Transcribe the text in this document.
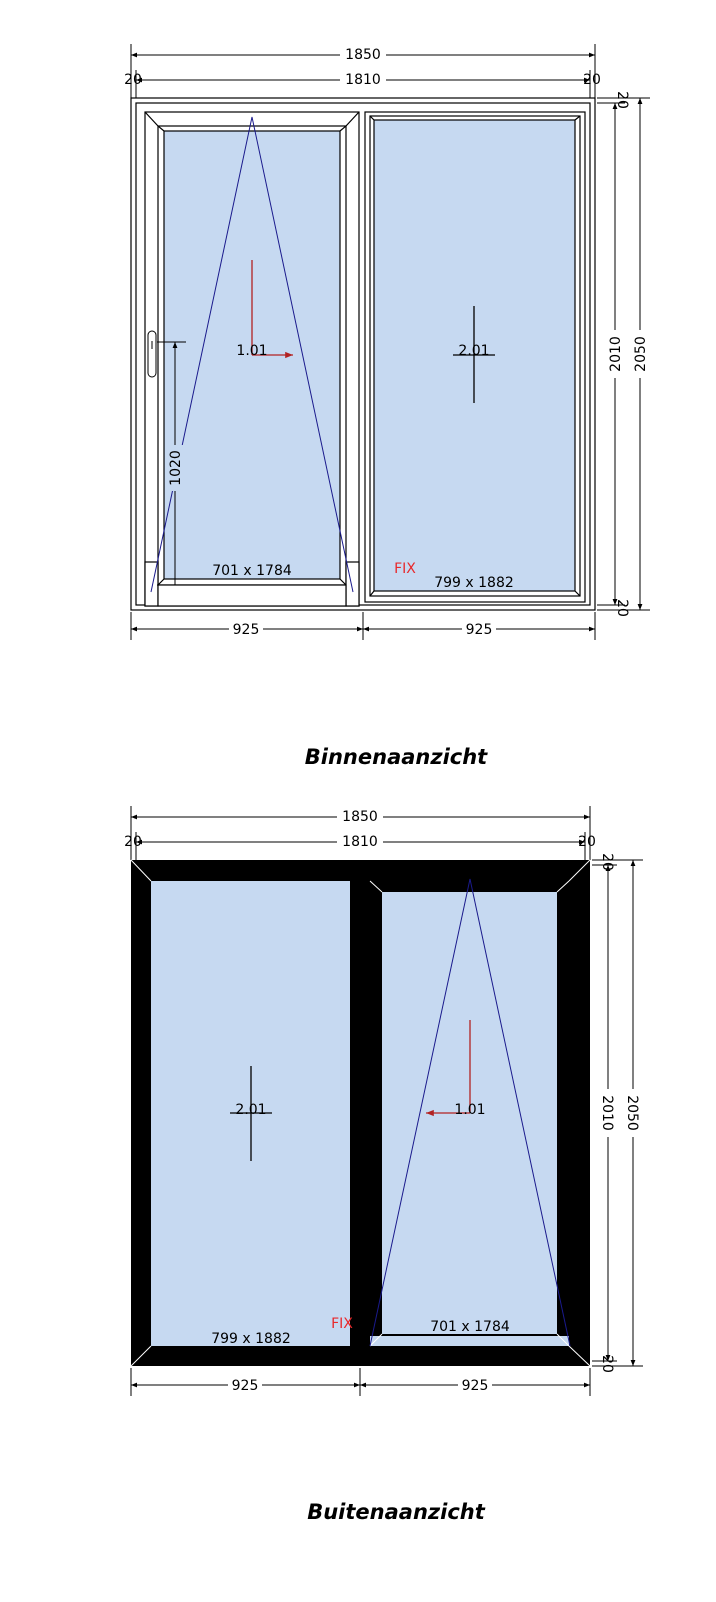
1850
1810
20	20
2010 2050
20
20
1.01
701 x 1784
2.01
799 x 1882
FIX
1020
925	925
Binnenaanzicht
1850
1810
20	20
2010 2050
20
20
1.01
701 x 1784
2.01
799 x 1882
FIX
925	925
Buitenaanzicht
